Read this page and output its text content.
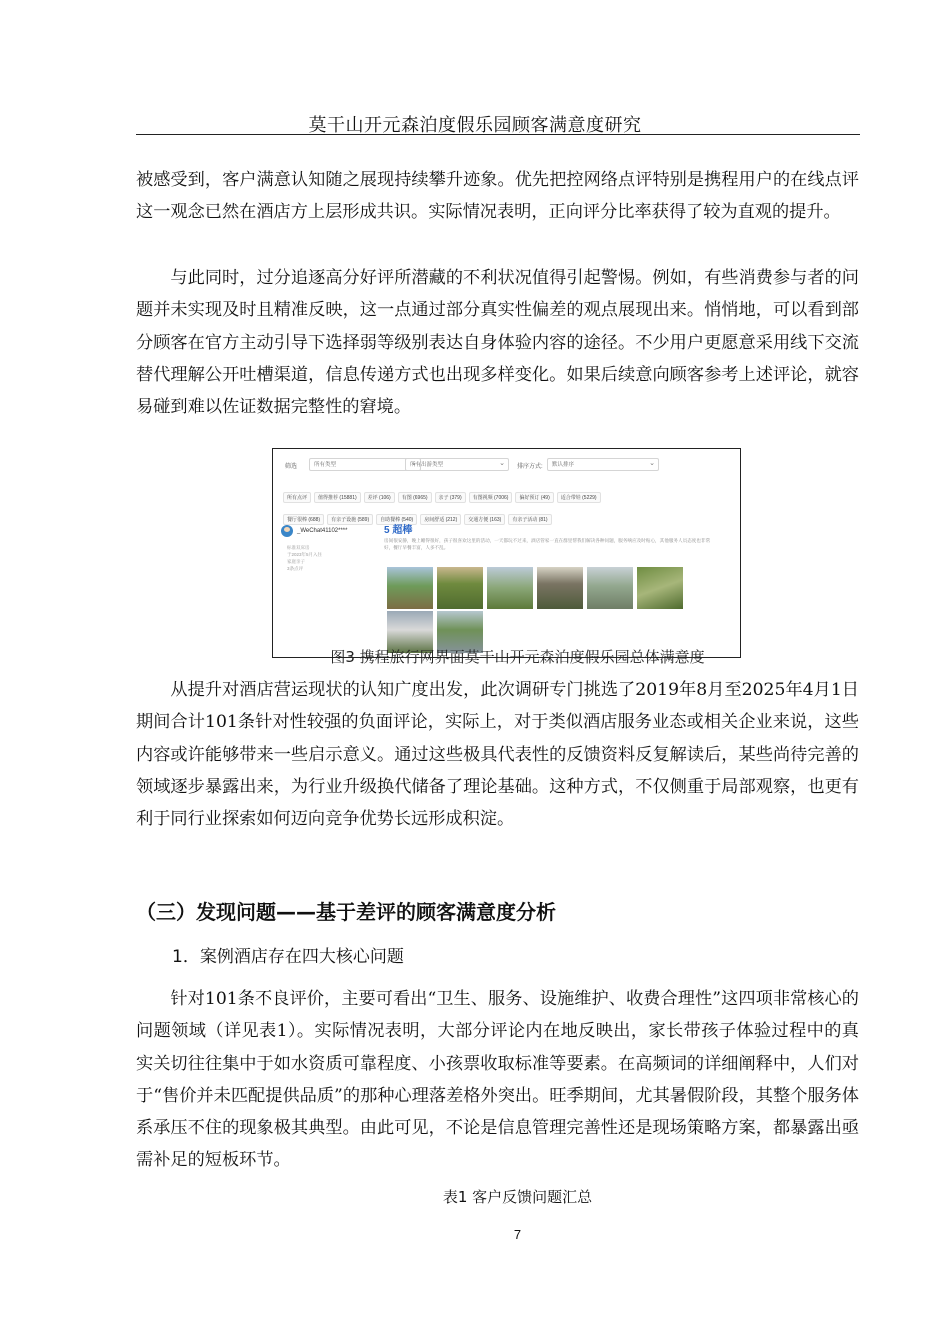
莫干山开元森泊度假乐园顾客满意度研究

被感受到，客户满意认知随之展现持续攀升迹象。优先把控网络点评特别是携程用户的在线点评这一观念已然在酒店方上层形成共识。实际情况表明，正向评分比率获得了较为直观的提升。

与此同时，过分追逐高分好评所潜藏的不利状况值得引起警惕。例如，有些消费参与者的问题并未实现及时且精准反映，这一点通过部分真实性偏差的观点展现出来。悄悄地，可以看到部分顾客在官方主动引导下选择弱等级别表达自身体验内容的途径。不少用户更愿意采用线下交流替代理解公开吐槽渠道，信息传递方式也出现多样变化。如果后续意向顾客参考上述评论，就容易碰到难以佐证数据完整性的窘境。

筛选	所有类型 ⌄	所有出游类型 ⌄	排序方式:	默认排序 ⌄
所有点评 值得推荐 (15881) 差评 (106) 有图 (6965) 亲子 (379) 有图视频 (7006) 偏好预订 (49) 适合带娃 (5229)
餐厅很棒 (688) 有亲子设施 (589) 自助餐棒 (540) 房间舒适 (212) 交通方便 (163) 有亲子活动 (81)
_WeChat41102****
标准双床房
于2023年5月入住
家庭亲子
3条点评
5 超棒
房间很安静，晚上睡得很好，孩子很喜欢这里的活动，一天都玩不过来，酒店管家一直在群里帮我们解决各种问题，服务响应及时贴心，其他服务人员态度也非常好，餐厅早餐丰富，人多不乱。
图3 携程旅行网界面莫干山开元森泊度假乐园总体满意度

从提升对酒店营运现状的认知广度出发，此次调研专门挑选了2019年8月至2025年4月1日期间合计101条针对性较强的负面评论，实际上，对于类似酒店服务业态或相关企业来说，这些内容或许能够带来一些启示意义。通过这些极具代表性的反馈资料反复解读后，某些尚待完善的领域逐步暴露出来，为行业升级换代储备了理论基础。这种方式，不仅侧重于局部观察，也更有利于同行业探索如何迈向竞争优势长远形成积淀。

（三）发现问题——基于差评的顾客满意度分析
1．案例酒店存在四大核心问题

针对101条不良评价，主要可看出“卫生、服务、设施维护、收费合理性”这四项非常核心的问题领域（详见表1）。实际情况表明，大部分评论内在地反映出，家长带孩子体验过程中的真实关切往往集中于如水资质可靠程度、小孩票收取标准等要素。在高频词的详细阐释中，人们对于“售价并未匹配提供品质”的那种心理落差格外突出。旺季期间，尤其暑假阶段，其整个服务体系承压不住的现象极其典型。由此可见，不论是信息管理完善性还是现场策略方案，都暴露出亟需补足的短板环节。

表1 客户反馈问题汇总
7
